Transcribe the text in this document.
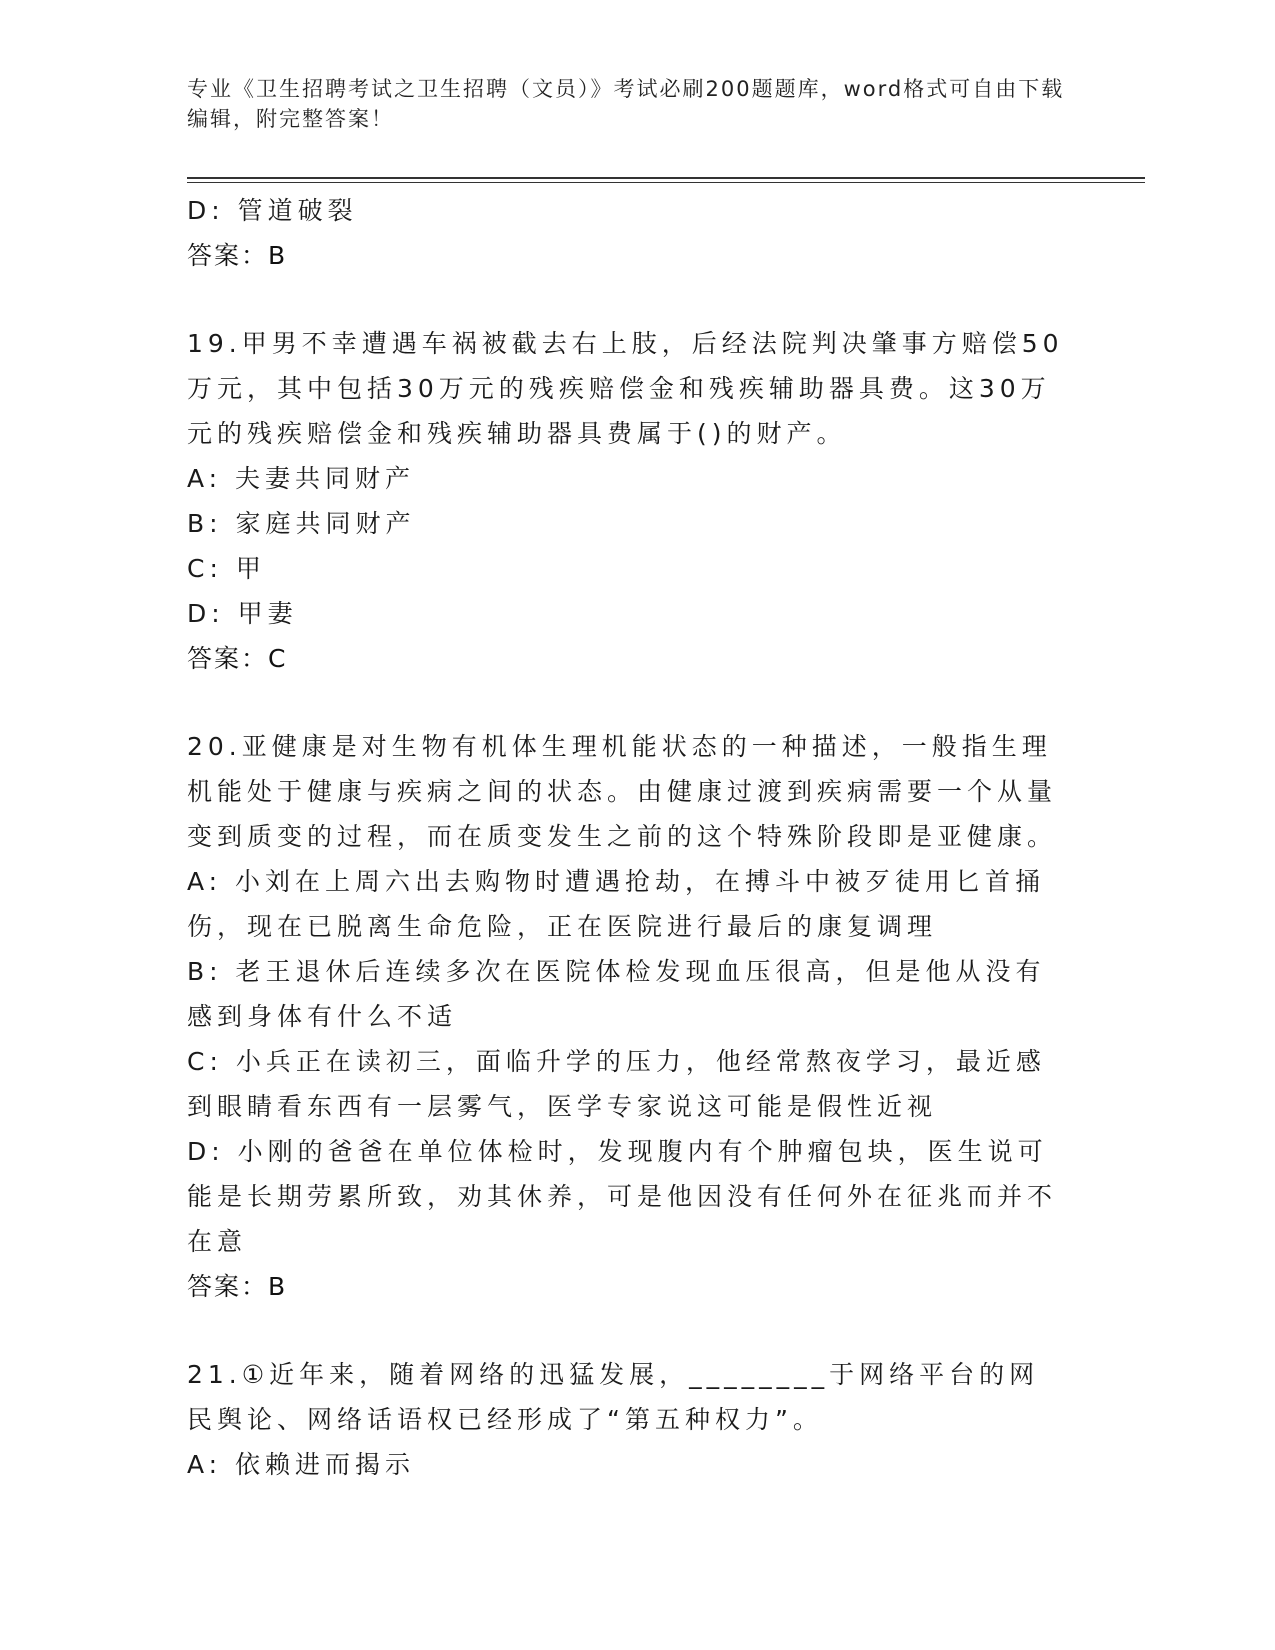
专业《卫生招聘考试之卫生招聘（文员）》考试必刷200题题库，word格式可自由下载编辑，附完整答案！

D: 管道破裂

答案：B

19.甲男不幸遭遇车祸被截去右上肢，后经法院判决肇事方赔偿50万元，其中包括30万元的残疾赔偿金和残疾辅助器具费。这30万元的残疾赔偿金和残疾辅助器具费属于()的财产。

A: 夫妻共同财产

B: 家庭共同财产

C: 甲

D: 甲妻

答案：C

20.亚健康是对生物有机体生理机能状态的一种描述，一般指生理机能处于健康与疾病之间的状态。由健康过渡到疾病需要一个从量变到质变的过程，而在质变发生之前的这个特殊阶段即是亚健康。

A: 小刘在上周六出去购物时遭遇抢劫，在搏斗中被歹徒用匕首捅伤，现在已脱离生命危险，正在医院进行最后的康复调理

B: 老王退休后连续多次在医院体检发现血压很高，但是他从没有感到身体有什么不适

C: 小兵正在读初三，面临升学的压力，他经常熬夜学习，最近感到眼睛看东西有一层雾气，医学专家说这可能是假性近视

D: 小刚的爸爸在单位体检时，发现腹内有个肿瘤包块，医生说可能是长期劳累所致，劝其休养，可是他因没有任何外在征兆而并不在意

答案：B

21.①近年来，随着网络的迅猛发展，________于网络平台的网民舆论、网络话语权已经形成了“第五种权力”。

A: 依赖进而揭示
